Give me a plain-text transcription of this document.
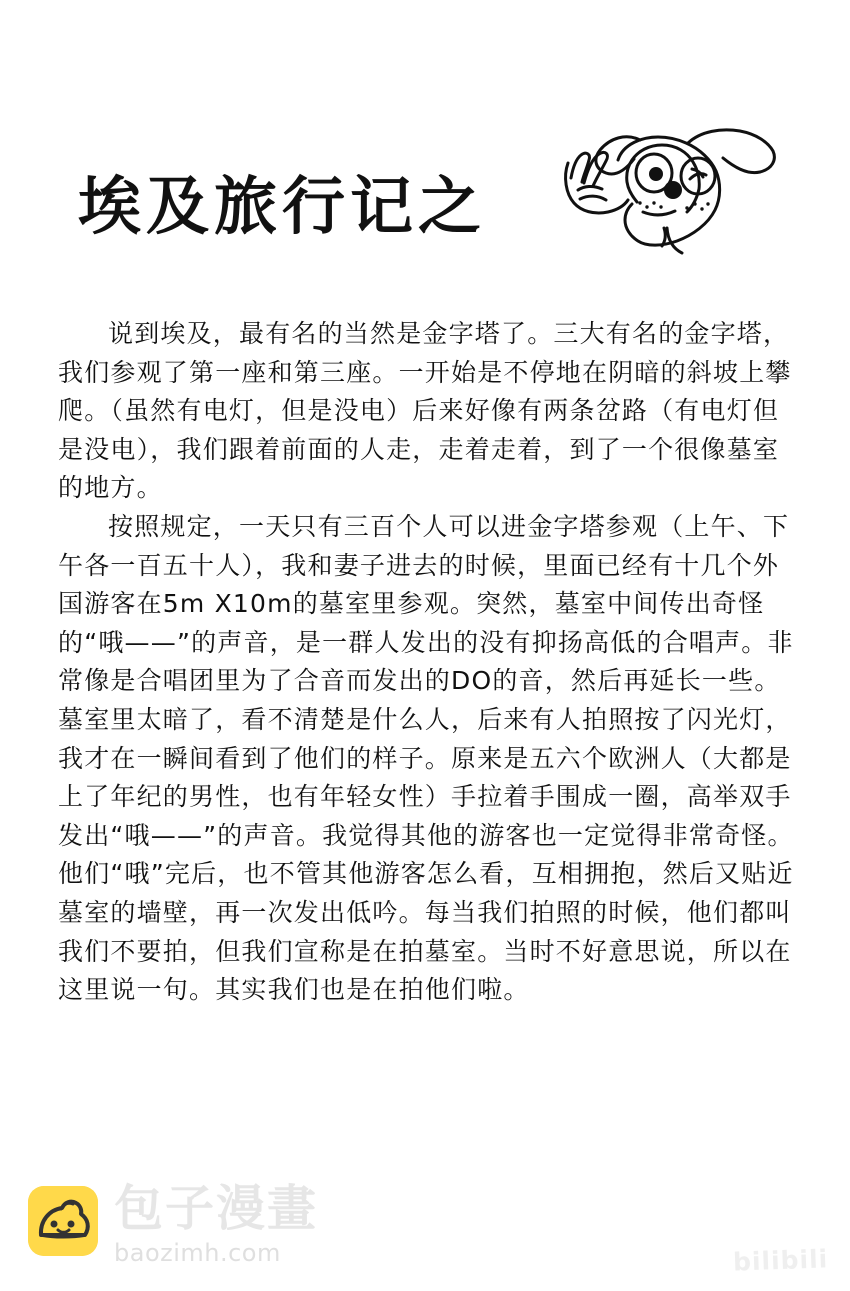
埃及旅行记之

说到埃及，最有名的当然是金字塔了。三大有名的金字塔，我们参观了第一座和第三座。一开始是不停地在阴暗的斜坡上攀爬。（虽然有电灯，但是没电）后来好像有两条岔路（有电灯但是没电），我们跟着前面的人走，走着走着，到了一个很像墓室的地方。

按照规定，一天只有三百个人可以进金字塔参观（上午、下午各一百五十人），我和妻子进去的时候，里面已经有十几个外国游客在5m X10m的墓室里参观。突然，墓室中间传出奇怪的“哦——”的声音，是一群人发出的没有抑扬高低的合唱声。非常像是合唱团里为了合音而发出的DO的音，然后再延长一些。墓室里太暗了，看不清楚是什么人，后来有人拍照按了闪光灯，我才在一瞬间看到了他们的样子。原来是五六个欧洲人（大都是上了年纪的男性，也有年轻女性）手拉着手围成一圈，高举双手发出“哦——”的声音。我觉得其他的游客也一定觉得非常奇怪。他们“哦”完后，也不管其他游客怎么看，互相拥抱，然后又贴近墓室的墙壁，再一次发出低吟。每当我们拍照的时候，他们都叫我们不要拍，但我们宣称是在拍墓室。当时不好意思说，所以在这里说一句。其实我们也是在拍他们啦。

包子漫畫
baozimh.com	bilibili
